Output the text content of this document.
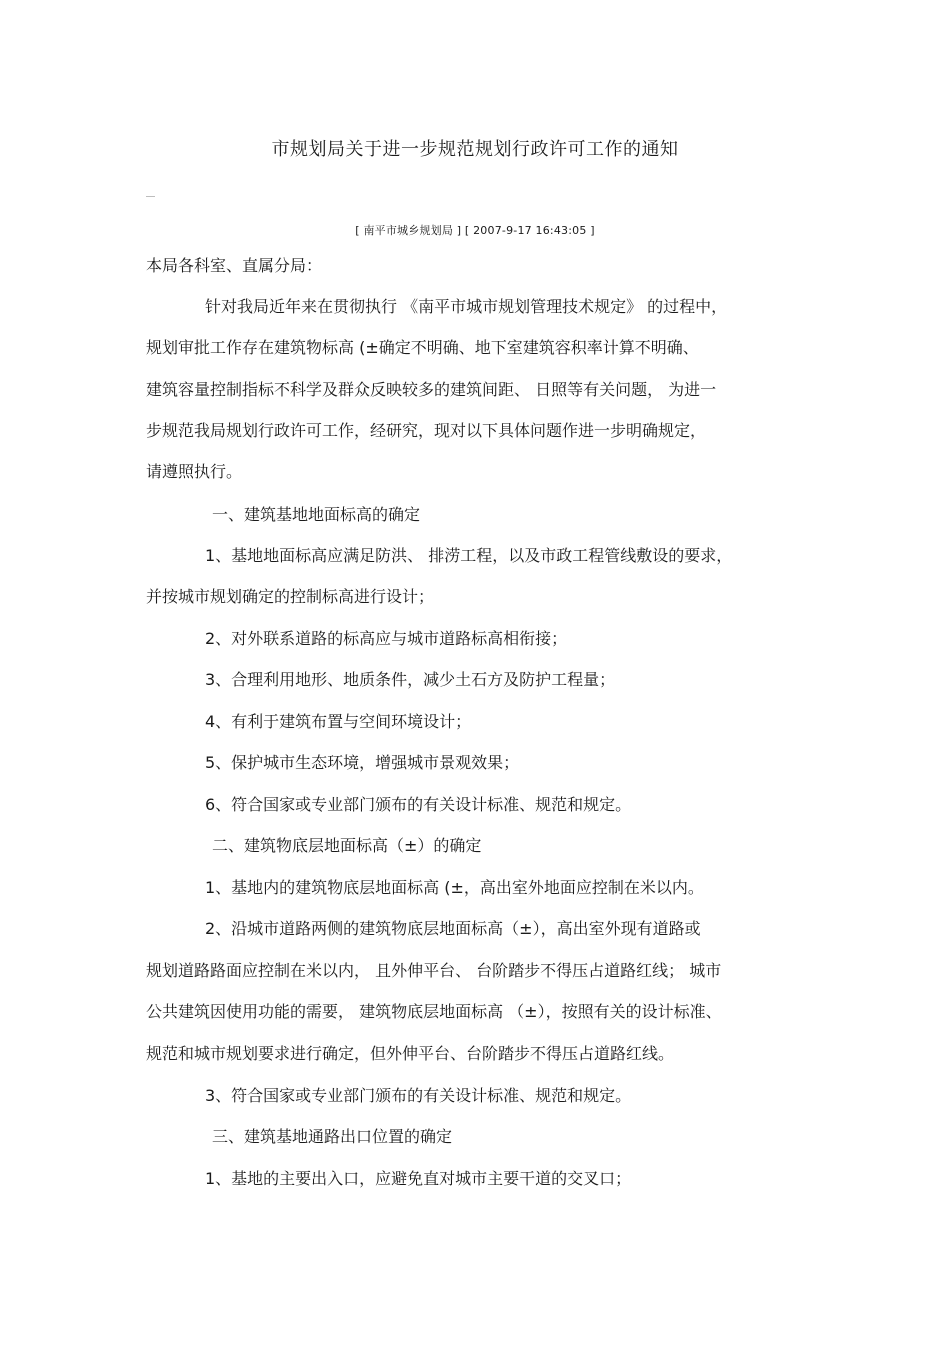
市规划局关于进一步规范规划行政许可工作的通知
[ 南平市城乡规划局 ] [ 2007-9-17 16:43:05 ]
本局各科室、直属分局：
针对我局近年来在贯彻执行 《南平市城市规划管理技术规定》 的过程中，
规划审批工作存在建筑物标高 (±确定不明确、地下室建筑容积率计算不明确、
建筑容量控制指标不科学及群众反映较多的建筑间距、 日照等有关问题， 为进一
步规范我局规划行政许可工作，经研究，现对以下具体问题作进一步明确规定，
请遵照执行。
一、建筑基地地面标高的确定
1、基地地面标高应满足防洪、 排涝工程，以及市政工程管线敷设的要求，
并按城市规划确定的控制标高进行设计；
2、对外联系道路的标高应与城市道路标高相衔接；
3、合理利用地形、地质条件，减少土石方及防护工程量；
4、有利于建筑布置与空间环境设计；
5、保护城市生态环境，增强城市景观效果；
6、符合国家或专业部门颁布的有关设计标准、规范和规定。
二、建筑物底层地面标高（±）的确定
1、基地内的建筑物底层地面标高 (±，高出室外地面应控制在米以内。
2、沿城市道路两侧的建筑物底层地面标高（±），高出室外现有道路或
规划道路路面应控制在米以内， 且外伸平台、 台阶踏步不得压占道路红线； 城市
公共建筑因使用功能的需要， 建筑物底层地面标高 （±），按照有关的设计标准、
规范和城市规划要求进行确定，但外伸平台、台阶踏步不得压占道路红线。
3、符合国家或专业部门颁布的有关设计标准、规范和规定。
三、建筑基地通路出口位置的确定
1、基地的主要出入口，应避免直对城市主要干道的交叉口；
